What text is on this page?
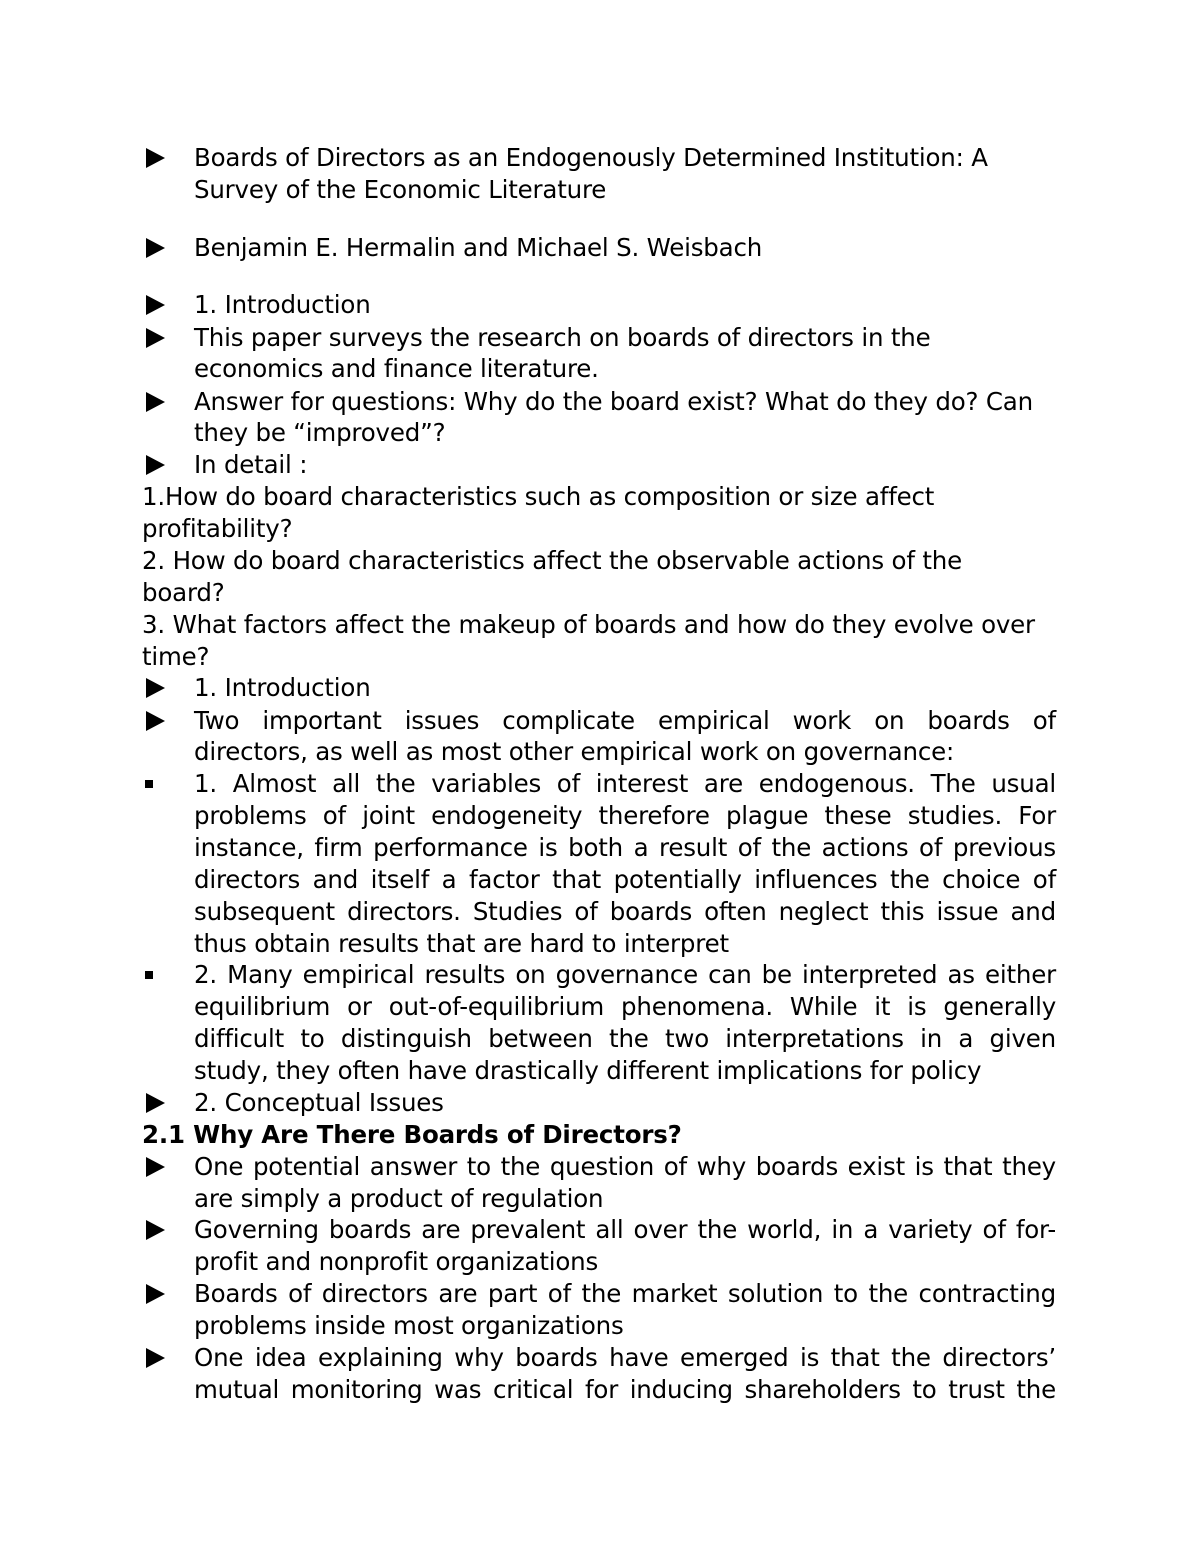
Boards of Directors as an Endogenously Determined Institution: A
Survey of the Economic Literature
Benjamin E. Hermalin and Michael S. Weisbach
1. Introduction
This paper surveys the research on boards of directors in the
economics and finance literature.
Answer for questions: Why do the board exist? What do they do? Can
they be “improved”?
In detail :
1.How do board characteristics such as composition or size affect
profitability?
2. How do board characteristics affect the observable actions of the
board?
3. What factors affect the makeup of boards and how do they evolve over
time?
1. Introduction
Two important issues complicate empirical work on boards of
directors, as well as most other empirical work on governance:
1. Almost all the variables of interest are endogenous. The usual
problems of joint endogeneity therefore plague these studies. For
instance, firm performance is both a result of the actions of previous
directors and itself a factor that potentially influences the choice of
subsequent directors. Studies of boards often neglect this issue and
thus obtain results that are hard to interpret
2. Many empirical results on governance can be interpreted as either
equilibrium or out-of-equilibrium phenomena. While it is generally
difficult to distinguish between the two interpretations in a given
study, they often have drastically different implications for policy
2. Conceptual Issues
2.1 Why Are There Boards of Directors?
One potential answer to the question of why boards exist is that they
are simply a product of regulation
Governing boards are prevalent all over the world, in a variety of for-
profit and nonprofit organizations
Boards of directors are part of the market solution to the contracting
problems inside most organizations
One idea explaining why boards have emerged is that the directors’
mutual monitoring was critical for inducing shareholders to trust the
